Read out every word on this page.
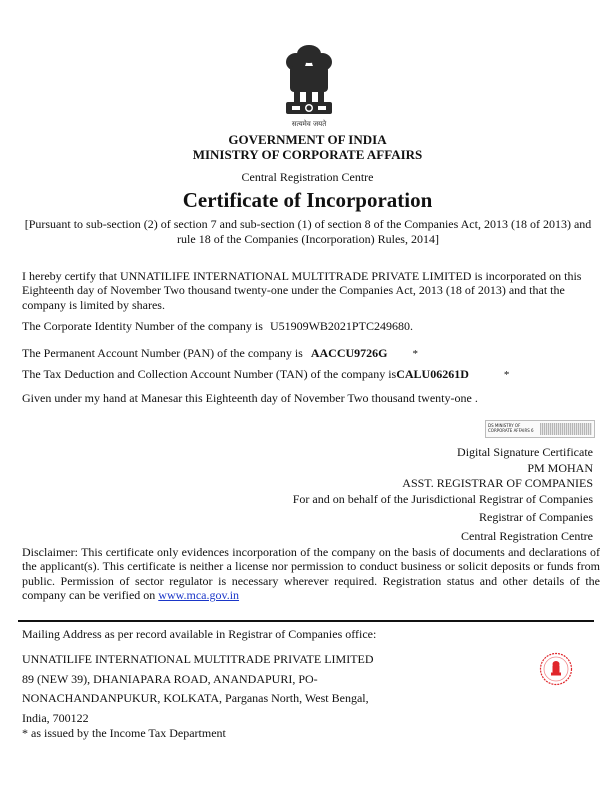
सत्यमेव जयते
GOVERNMENT OF INDIA
MINISTRY OF CORPORATE AFFAIRS
Central Registration Centre
Certificate of Incorporation
[Pursuant to sub-section (2) of section 7 and sub-section (1) of section 8 of the Companies Act, 2013 (18 of 2013) and
rule 18 of the Companies (Incorporation) Rules, 2014]
I hereby certify that UNNATILIFE INTERNATIONAL MULTITRADE PRIVATE LIMITED is incorporated on this Eighteenth day of November Two thousand twenty-one under the Companies Act, 2013 (18 of 2013) and that the company is limited by shares.
The Corporate Identity Number of the company is U51909WB2021PTC249680.
The Permanent Account Number (PAN) of the company is AACCU9726G *
The Tax Deduction and Collection Account Number (TAN) of the company isCALU06261D	*
Given under my hand at Manesar this Eighteenth day of November Two thousand twenty-one .
DS MINISTRY OF
CORPORATE AFFAIRS 6
Digital Signature Certificate
PM MOHAN
ASST. REGISTRAR OF COMPANIES
For and on behalf of the Jurisdictional Registrar of Companies
Registrar of Companies
Central Registration Centre
Disclaimer: This certificate only evidences incorporation of the company on the basis of documents and declarations of the applicant(s). This certificate is neither a license nor permission to conduct business or solicit deposits or funds from public. Permission of sector regulator is necessary wherever required. Registration status and other details of the company can be verified on www.mca.gov.in
Mailing Address as per record available in Registrar of Companies office:
UNNATILIFE INTERNATIONAL MULTITRADE PRIVATE LIMITED
89 (NEW 39), DHANIAPARA ROAD, ANANDAPURI, PO-
NONACHANDANPUKUR, KOLKATA, Parganas North, West Bengal,
India, 700122
* as issued by the Income Tax Department
